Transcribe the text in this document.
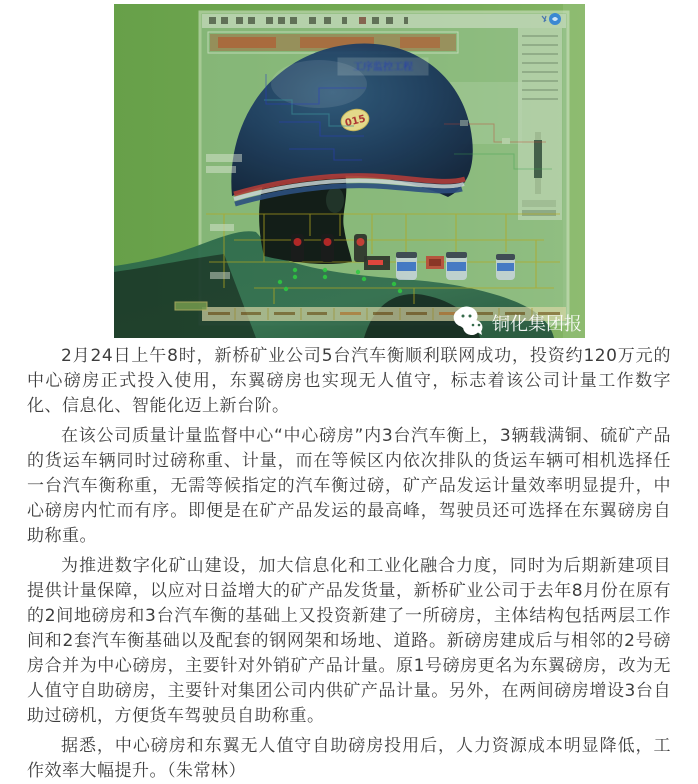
015
工序监控工程
铜化集团报

2月24日上午8时，新桥矿业公司5台汽车衡顺利联网成功，投资约120万元的中心磅房正式投入使用，东翼磅房也实现无人值守，标志着该公司计量工作数字化、信息化、智能化迈上新台阶。

在该公司质量计量监督中心“中心磅房”内3台汽车衡上，3辆载满铜、硫矿产品的货运车辆同时过磅称重、计量，而在等候区内依次排队的货运车辆可相机选择任一台汽车衡称重，无需等候指定的汽车衡过磅，矿产品发运计量效率明显提升，中心磅房内忙而有序。即便是在矿产品发运的最高峰，驾驶员还可选择在东翼磅房自助称重。

为推进数字化矿山建设，加大信息化和工业化融合力度，同时为后期新建项目提供计量保障，以应对日益增大的矿产品发货量，新桥矿业公司于去年8月份在原有的2间地磅房和3台汽车衡的基础上又投资新建了一所磅房，主体结构包括两层工作间和2套汽车衡基础以及配套的钢网架和场地、道路。新磅房建成后与相邻的2号磅房合并为中心磅房，主要针对外销矿产品计量。原1号磅房更名为东翼磅房，改为无人值守自助磅房，主要针对集团公司内供矿产品计量。另外，在两间磅房增设3台自助过磅机，方便货车驾驶员自助称重。

据悉，中心磅房和东翼无人值守自助磅房投用后，人力资源成本明显降低，工作效率大幅提升。（朱常林）
